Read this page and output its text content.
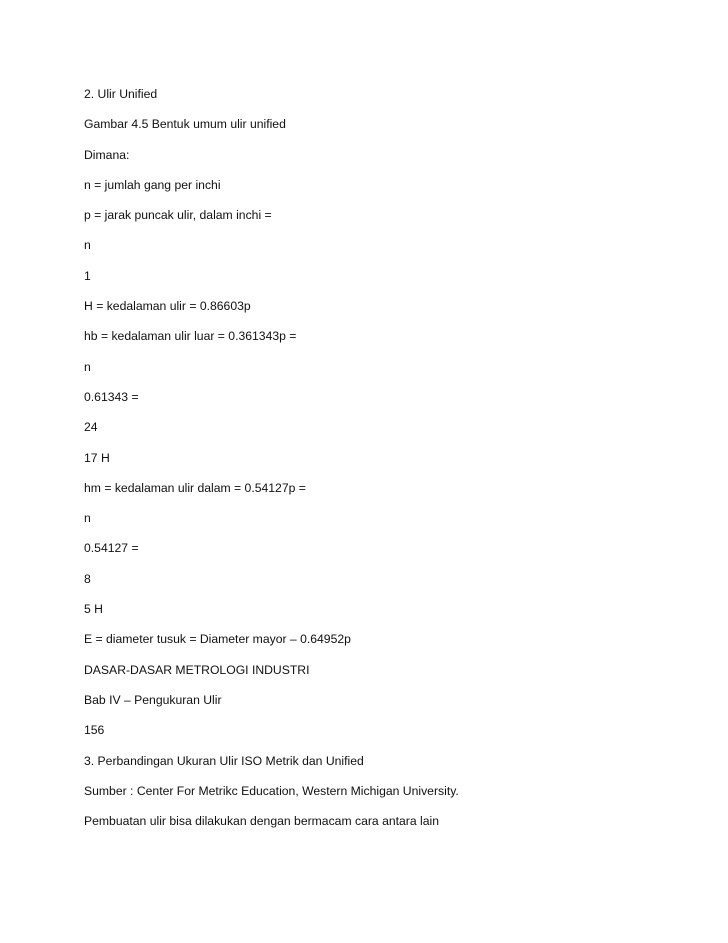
2. Ulir Unified
Gambar 4.5 Bentuk umum ulir unified
Dimana:
n = jumlah gang per inchi
p = jarak puncak ulir, dalam inchi =
n
1
H = kedalaman ulir = 0.86603p
hb = kedalaman ulir luar = 0.361343p =
n
0.61343 =
24
17 H
hm = kedalaman ulir dalam = 0.54127p =
n
0.54127 =
8
5 H
E = diameter tusuk = Diameter mayor – 0.64952p
DASAR-DASAR METROLOGI INDUSTRI
Bab IV – Pengukuran Ulir
156
3. Perbandingan Ukuran Ulir ISO Metrik dan Unified
Sumber : Center For Metrikc Education, Western Michigan University.
Pembuatan ulir bisa dilakukan dengan bermacam cara antara lain
